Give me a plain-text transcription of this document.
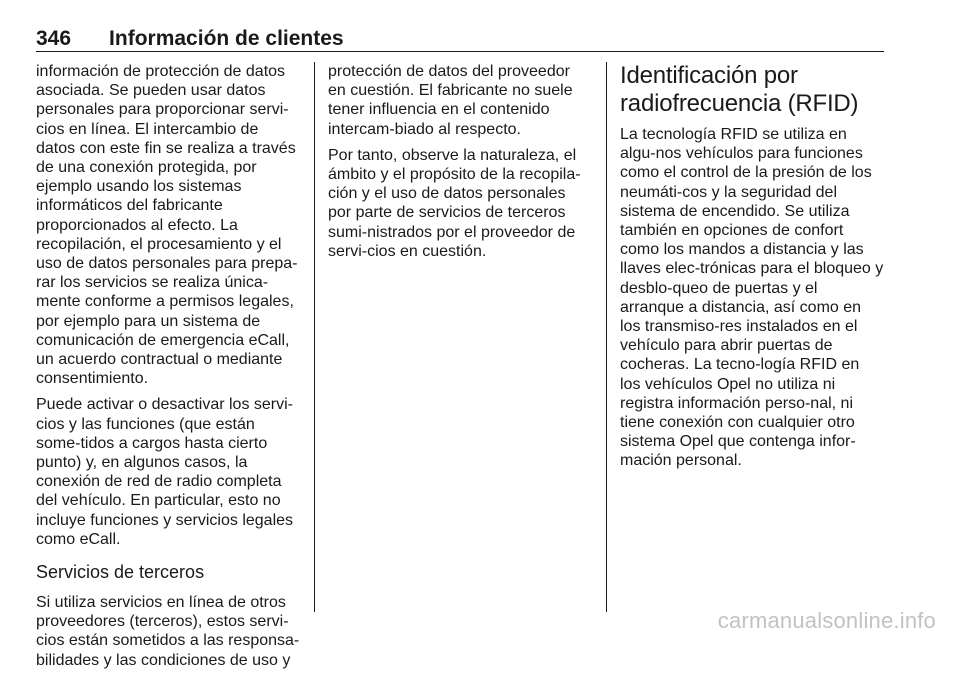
346 Información de clientes

información de protección de datos asociada. Se pueden usar datos personales para proporcionar servi-cios en línea. El intercambio de datos con este fin se realiza a través de una conexión protegida, por ejemplo usando los sistemas informáticos del fabricante proporcionados al efecto. La recopilación, el procesamiento y el uso de datos personales para prepa-rar los servicios se realiza única-mente conforme a permisos legales, por ejemplo para un sistema de comunicación de emergencia eCall, un acuerdo contractual o mediante consentimiento.

Puede activar o desactivar los servi-cios y las funciones (que están some-tidos a cargos hasta cierto punto) y, en algunos casos, la conexión de red de radio completa del vehículo. En particular, esto no incluye funciones y servicios legales como eCall.

Servicios de terceros

Si utiliza servicios en línea de otros proveedores (terceros), estos servi-cios están sometidos a las responsa-bilidades y las condiciones de uso y

protección de datos del proveedor en cuestión. El fabricante no suele tener influencia en el contenido intercam-biado al respecto.

Por tanto, observe la naturaleza, el ámbito y el propósito de la recopila-ción y el uso de datos personales por parte de servicios de terceros sumi-nistrados por el proveedor de servi-cios en cuestión.

Identificación por radiofrecuencia (RFID)

La tecnología RFID se utiliza en algu-nos vehículos para funciones como el control de la presión de los neumáti-cos y la seguridad del sistema de encendido. Se utiliza también en opciones de confort como los mandos a distancia y las llaves elec-trónicas para el bloqueo y desblo-queo de puertas y el arranque a distancia, así como en los transmiso-res instalados en el vehículo para abrir puertas de cocheras. La tecno-logía RFID en los vehículos Opel no utiliza ni registra información perso-nal, ni tiene conexión con cualquier otro sistema Opel que contenga infor-mación personal.

carmanualsonline.info
